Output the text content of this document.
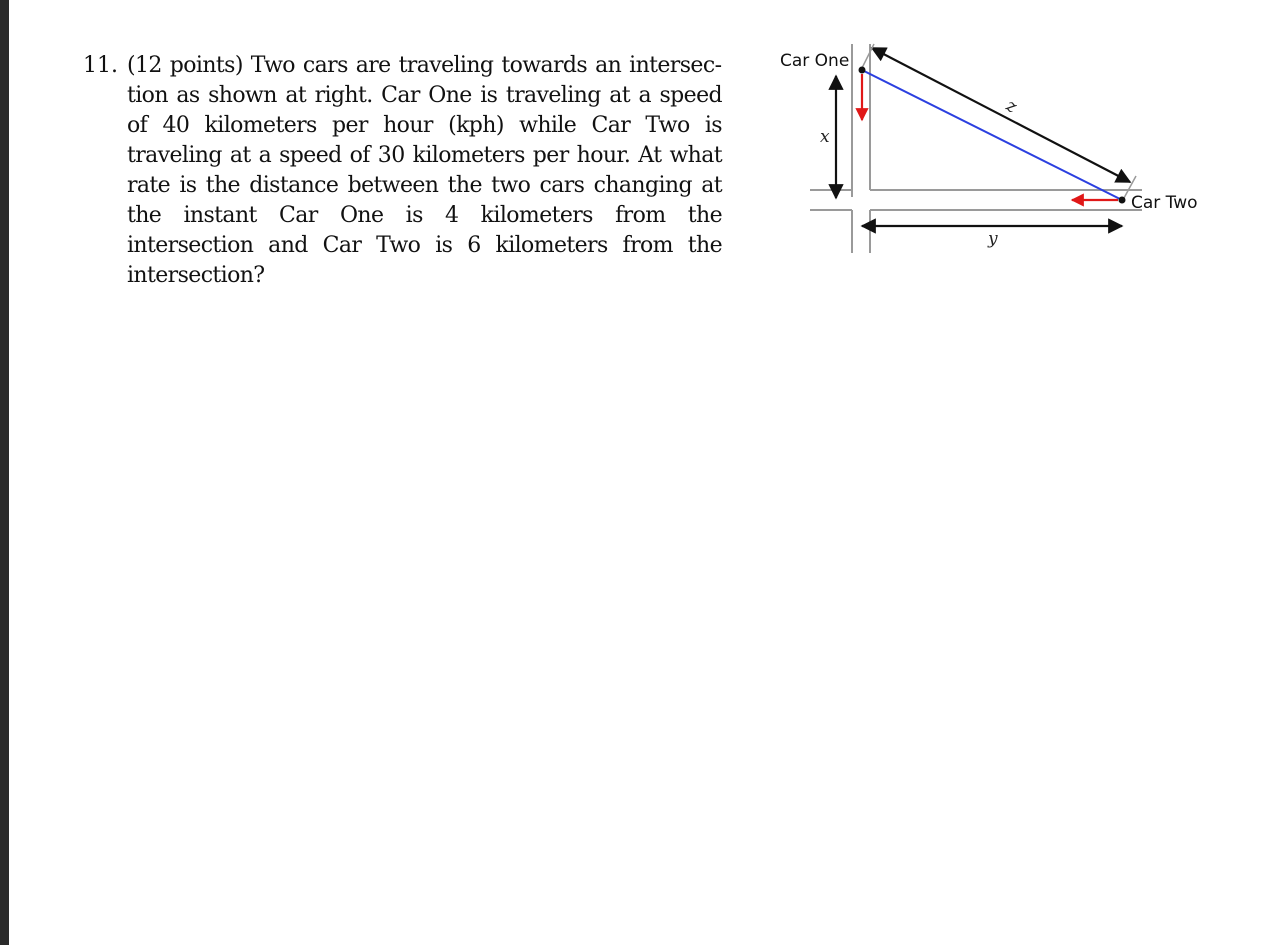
11. (12 points) Two cars are traveling towards an intersection as shown at right. Car One is traveling at a speed of 40 kilometers per hour (kph) while Car Two is traveling at a speed of 30 kilometers per hour. At what rate is the distance between the two cars changing at the instant Car One is 4 kilometers from the intersection and Car Two is 6 kilometers from the intersection?
Car One
Car Two
x
y
z
